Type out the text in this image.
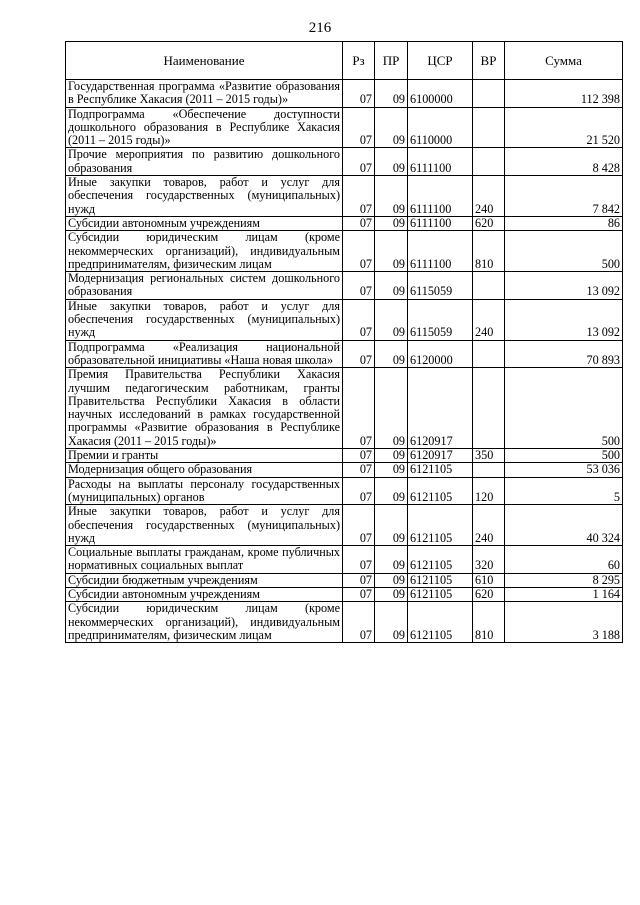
216
Наименование	Рз	ПР	ЦСР	ВР	Сумма
Государственная программа «Развитие образования в Республике Хакасия (2011 – 2015 годы)»	07	09	6100000		112 398
Подпрограмма «Обеспечение доступности дошкольного образования в Республике Хакасия (2011 – 2015 годы)»	07	09	6110000		21 520
Прочие мероприятия по развитию дошкольного образования	07	09	6111100		8 428
Иные закупки товаров, работ и услуг для обеспечения государственных (муниципальных) нужд	07	09	6111100	240	7 842
Субсидии автономным учреждениям	07	09	6111100	620	86
Субсидии юридическим лицам (кроме некоммерческих организаций), индивидуальным предпринимателям, физическим лицам	07	09	6111100	810	500
Модернизация региональных систем дошкольного образования	07	09	6115059		13 092
Иные закупки товаров, работ и услуг для обеспечения государственных (муниципальных) нужд	07	09	6115059	240	13 092
Подпрограмма «Реализация национальной образовательной инициативы «Наша новая школа»	07	09	6120000		70 893
Премия Правительства Республики Хакасия лучшим педагогическим работникам, гранты Правительства Республики Хакасия в области научных исследований в рамках государственной программы «Развитие образования в Республике Хакасия (2011 – 2015 годы)»	07	09	6120917		500
Премии и гранты	07	09	6120917	350	500
Модернизация общего образования	07	09	6121105		53 036
Расходы на выплаты персоналу государственных (муниципальных) органов	07	09	6121105	120	5
Иные закупки товаров, работ и услуг для обеспечения государственных (муниципальных) нужд	07	09	6121105	240	40 324
Социальные выплаты гражданам, кроме публичных нормативных социальных выплат	07	09	6121105	320	60
Субсидии бюджетным учреждениям	07	09	6121105	610	8 295
Субсидии автономным учреждениям	07	09	6121105	620	1 164
Субсидии юридическим лицам (кроме некоммерческих организаций), индивидуальным предпринимателям, физическим лицам	07	09	6121105	810	3 188
